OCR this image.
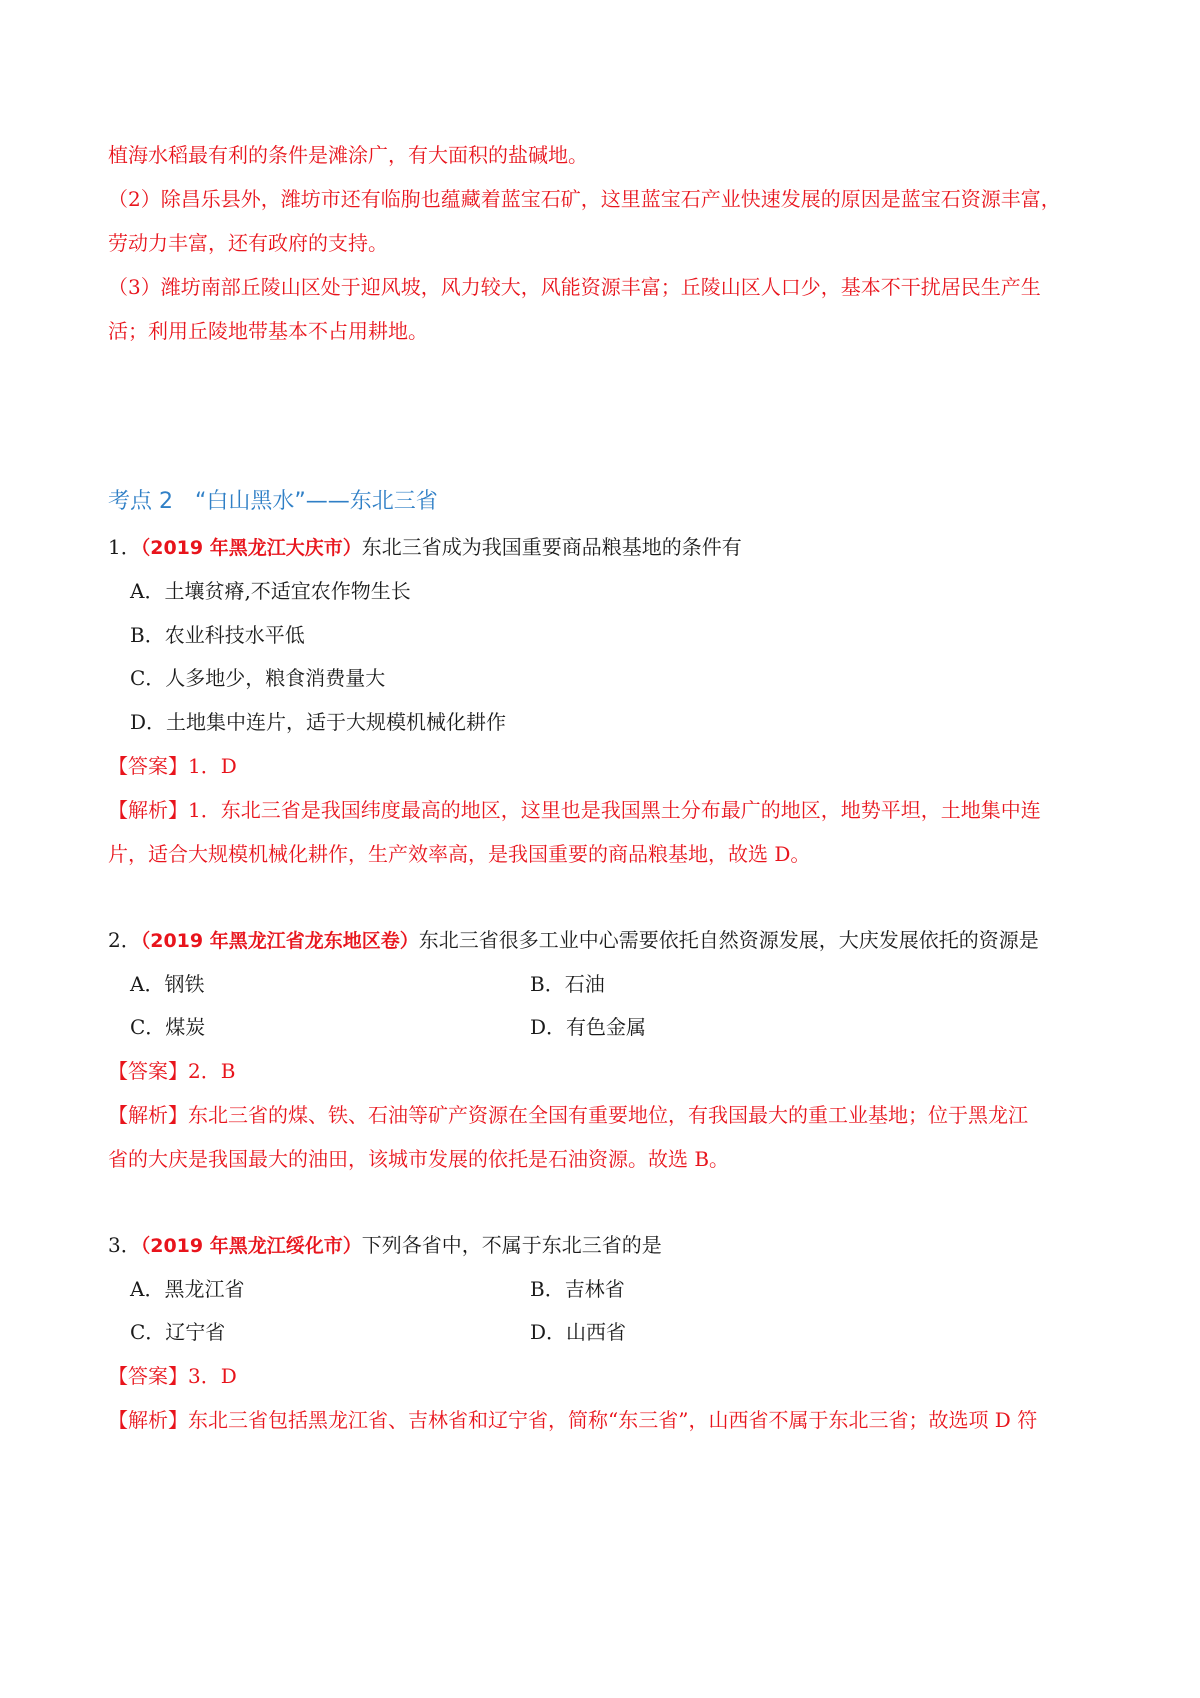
植海水稻最有利的条件是滩涂广，有大面积的盐碱地。
（2）除昌乐县外，潍坊市还有临朐也蕴藏着蓝宝石矿，这里蓝宝石产业快速发展的原因是蓝宝石资源丰富，
劳动力丰富，还有政府的支持。
（3）潍坊南部丘陵山区处于迎风坡，风力较大，风能资源丰富；丘陵山区人口少，基本不干扰居民生产生
活；利用丘陵地带基本不占用耕地。
考点 2　“白山黑水”——东北三省
1．（2019 年黑龙江大庆市）东北三省成为我国重要商品粮基地的条件有
A．土壤贫瘠,不适宜农作物生长
B．农业科技水平低
C．人多地少，粮食消费量大
D．土地集中连片，适于大规模机械化耕作
【答案】1．D
【解析】1．东北三省是我国纬度最高的地区，这里也是我国黑土分布最广的地区，地势平坦，土地集中连
片，适合大规模机械化耕作，生产效率高，是我国重要的商品粮基地，故选 D。
2．（2019 年黑龙江省龙东地区卷）东北三省很多工业中心需要依托自然资源发展，大庆发展依托的资源是
A．钢铁	B．石油
C．煤炭	D．有色金属
【答案】2．B
【解析】东北三省的煤、铁、石油等矿产资源在全国有重要地位，有我国最大的重工业基地；位于黑龙江
省的大庆是我国最大的油田，该城市发展的依托是石油资源。故选 B。
3．（2019 年黑龙江绥化市）下列各省中，不属于东北三省的是
A．黑龙江省	B．吉林省
C．辽宁省	D．山西省
【答案】3．D
【解析】东北三省包括黑龙江省、吉林省和辽宁省，简称“东三省”，山西省不属于东北三省；故选项 D 符
